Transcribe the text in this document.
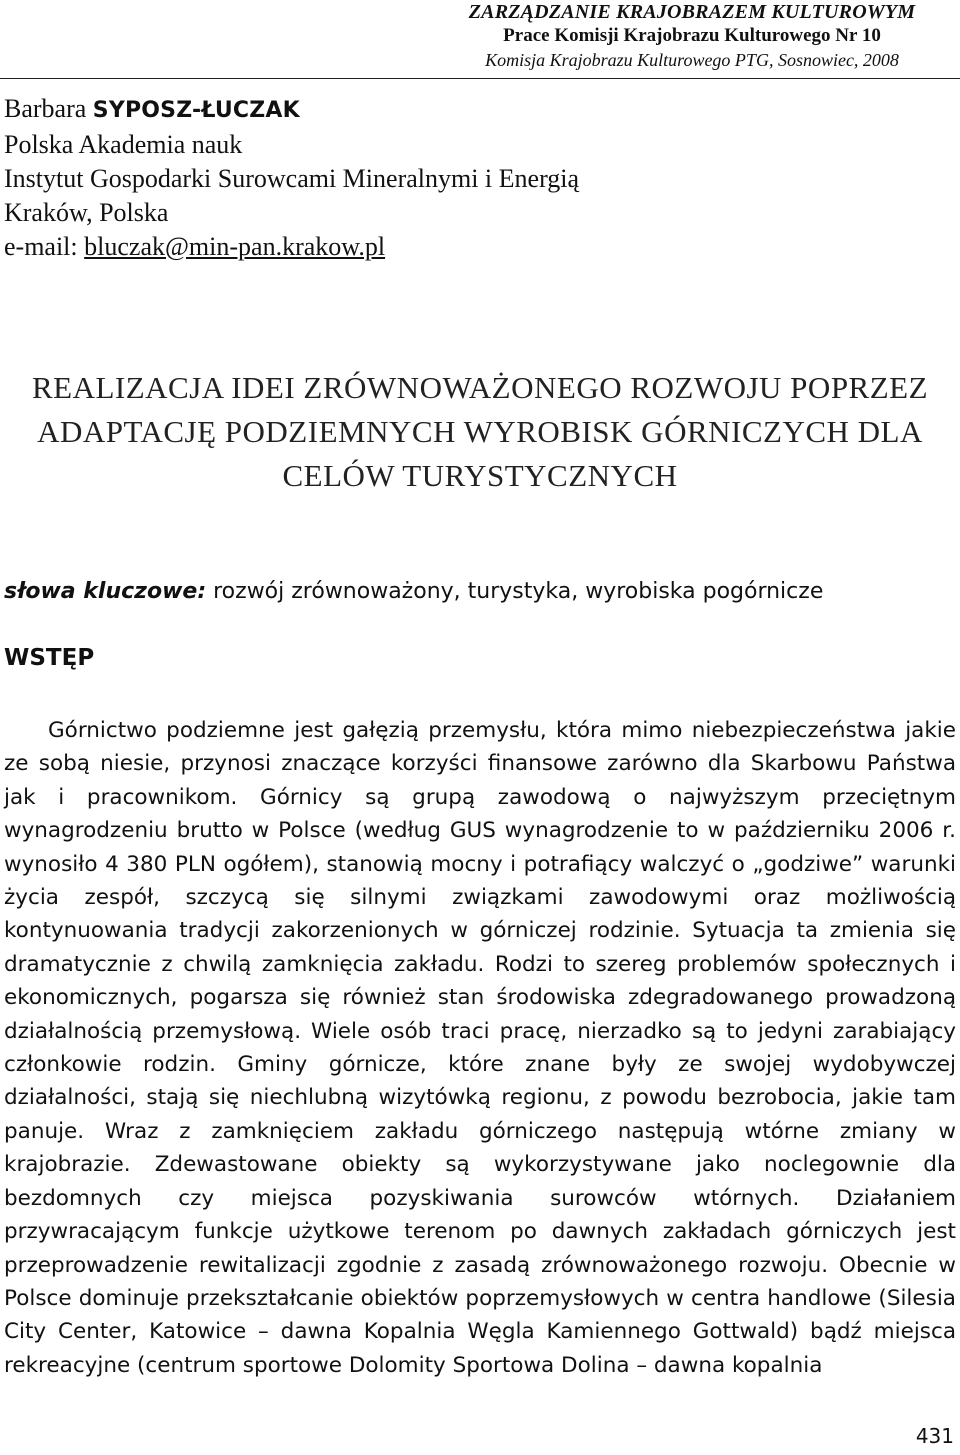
ZARZĄDZANIE KRAJOBRAZEM KULTUROWYM
Prace Komisji Krajobrazu Kulturowego Nr 10
Komisja Krajobrazu Kulturowego PTG, Sosnowiec, 2008
Barbara SYPOSZ-ŁUCZAK
Polska Akademia nauk
Instytut Gospodarki Surowcami Mineralnymi i Energią
Kraków, Polska
e-mail: bluczak@min-pan.krakow.pl
REALIZACJA IDEI ZRÓWNOWAŻONEGO ROZWOJU POPRZEZ
ADAPTACJĘ PODZIEMNYCH WYROBISK GÓRNICZYCH DLA
CELÓW TURYSTYCZNYCH
słowa kluczowe: rozwój zrównoważony, turystyka, wyrobiska pogórnicze
WSTĘP
Górnictwo podziemne jest gałęzią przemysłu, która mimo niebezpieczeństwa jakie ze sobą niesie, przynosi znaczące korzyści finansowe zarówno dla Skarbowu Państwa jak i pracownikom. Górnicy są grupą zawodową o najwyższym przeciętnym wynagrodzeniu brutto w Polsce (według GUS wynagrodzenie to w październiku 2006 r. wynosiło 4 380 PLN ogółem), stanowią mocny i potrafiący walczyć o „godziwe” warunki życia zespół, szczycą się silnymi związkami zawodowymi oraz możliwością kontynuowania tradycji zakorzenionych w górniczej rodzinie. Sytuacja ta zmienia się dramatycznie z chwilą zamknięcia zakładu. Rodzi to szereg problemów społecznych i ekonomicznych, pogarsza się również stan środowiska zdegradowanego prowadzoną działalnością przemysłową. Wiele osób traci pracę, nierzadko są to jedyni zarabiający członkowie rodzin. Gminy górnicze, które znane były ze swojej wydobywczej działalności, stają się niechlubną wizytówką regionu, z powodu bezrobocia, jakie tam panuje. Wraz z zamknięciem zakładu górniczego następują wtórne zmiany w krajobrazie. Zdewastowane obiekty są wykorzystywane jako noclegownie dla bezdomnych czy miejsca pozyskiwania surowców wtórnych. Działaniem przywracającym funkcje użytkowe terenom po dawnych zakładach górniczych jest przeprowadzenie rewitalizacji zgodnie z zasadą zrównoważonego rozwoju. Obecnie w Polsce dominuje przekształcanie obiektów poprzemysłowych w centra handlowe (Silesia City Center, Katowice – dawna Kopalnia Węgla Kamiennego Gottwald) bądź miejsca rekreacyjne (centrum sportowe Dolomity Sportowa Dolina – dawna kopalnia
431
